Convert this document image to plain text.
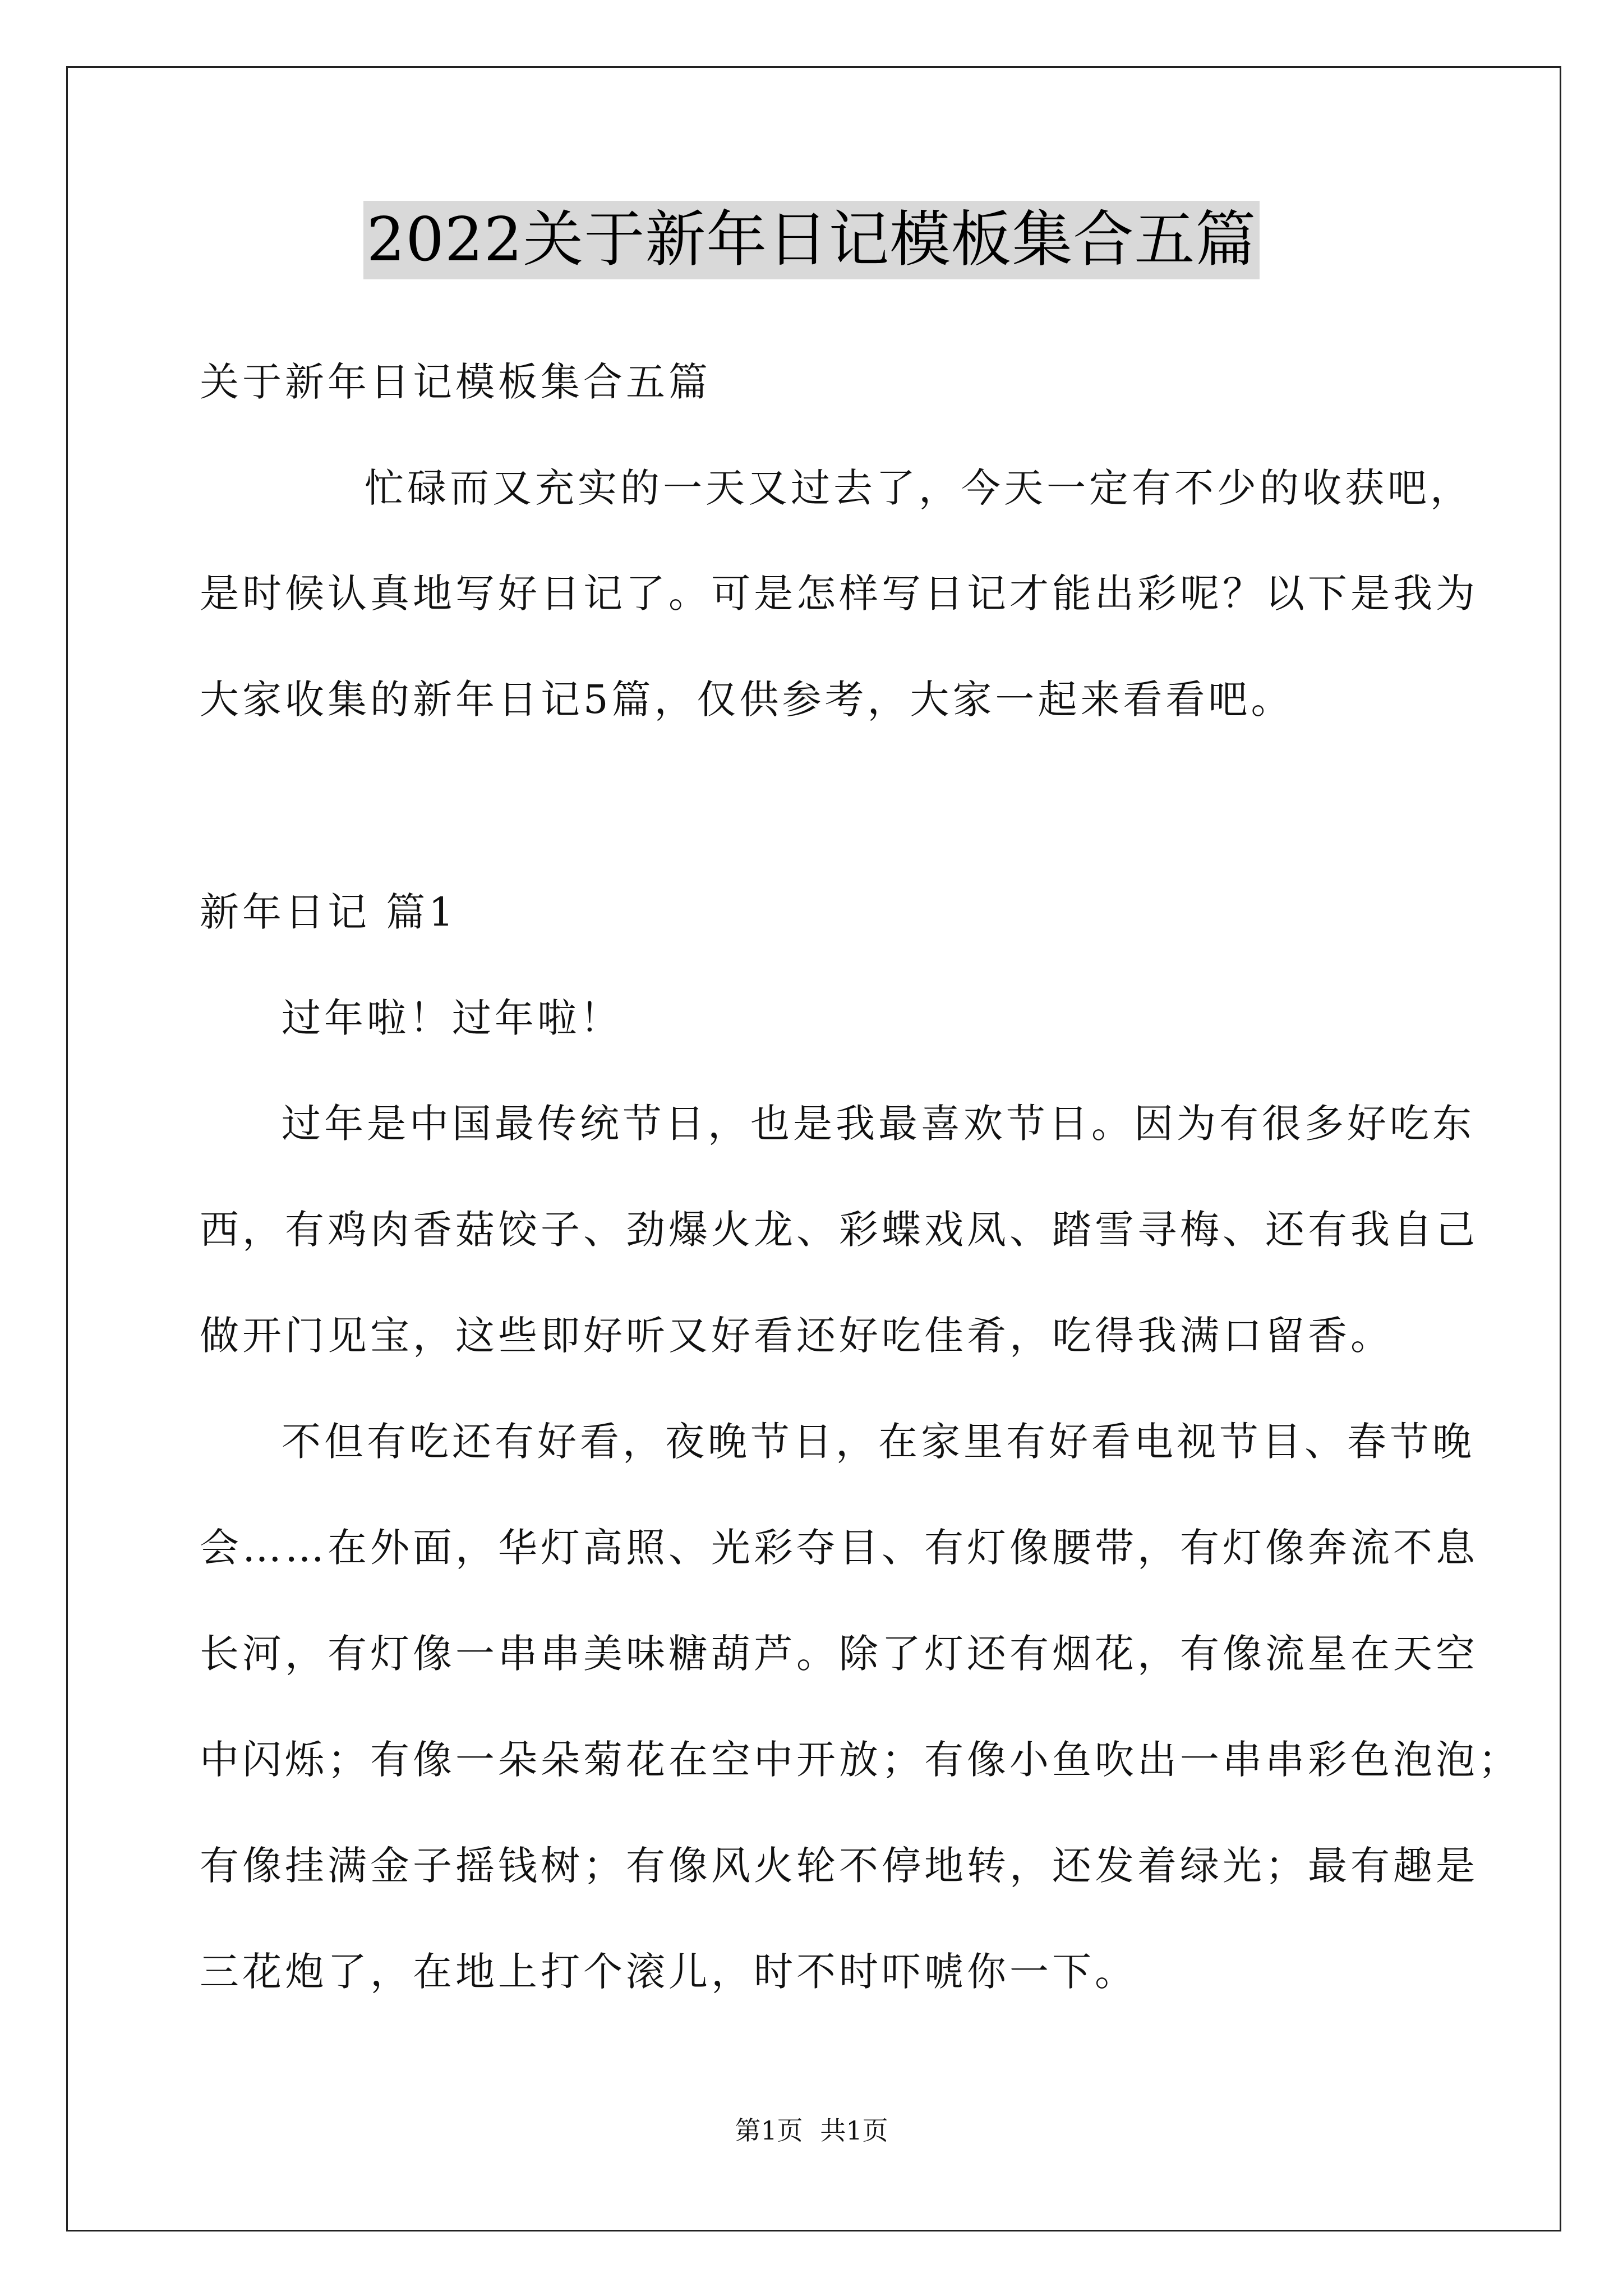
2022关于新年日记模板集合五篇
关于新年日记模板集合五篇
忙碌而又充实的一天又过去了，今天一定有不少的收获吧，
是时候认真地写好日记了。可是怎样写日记才能出彩呢？以下是我为
大家收集的新年日记5篇，仅供参考，大家一起来看看吧。
新年日记 篇1
过年啦！过年啦！
过年是中国最传统节日，也是我最喜欢节日。因为有很多好吃东
西，有鸡肉香菇饺子、劲爆火龙、彩蝶戏凤、踏雪寻梅、还有我自己
做开门见宝，这些即好听又好看还好吃佳肴，吃得我满口留香。
不但有吃还有好看，夜晚节日，在家里有好看电视节目、春节晚
会……在外面，华灯高照、光彩夺目、有灯像腰带，有灯像奔流不息
长河，有灯像一串串美味糖葫芦。除了灯还有烟花，有像流星在天空
中闪烁；有像一朵朵菊花在空中开放；有像小鱼吹出一串串彩色泡泡；
有像挂满金子摇钱树；有像风火轮不停地转，还发着绿光；最有趣是
三花炮了，在地上打个滚儿，时不时吓唬你一下。
第1页 共1页
